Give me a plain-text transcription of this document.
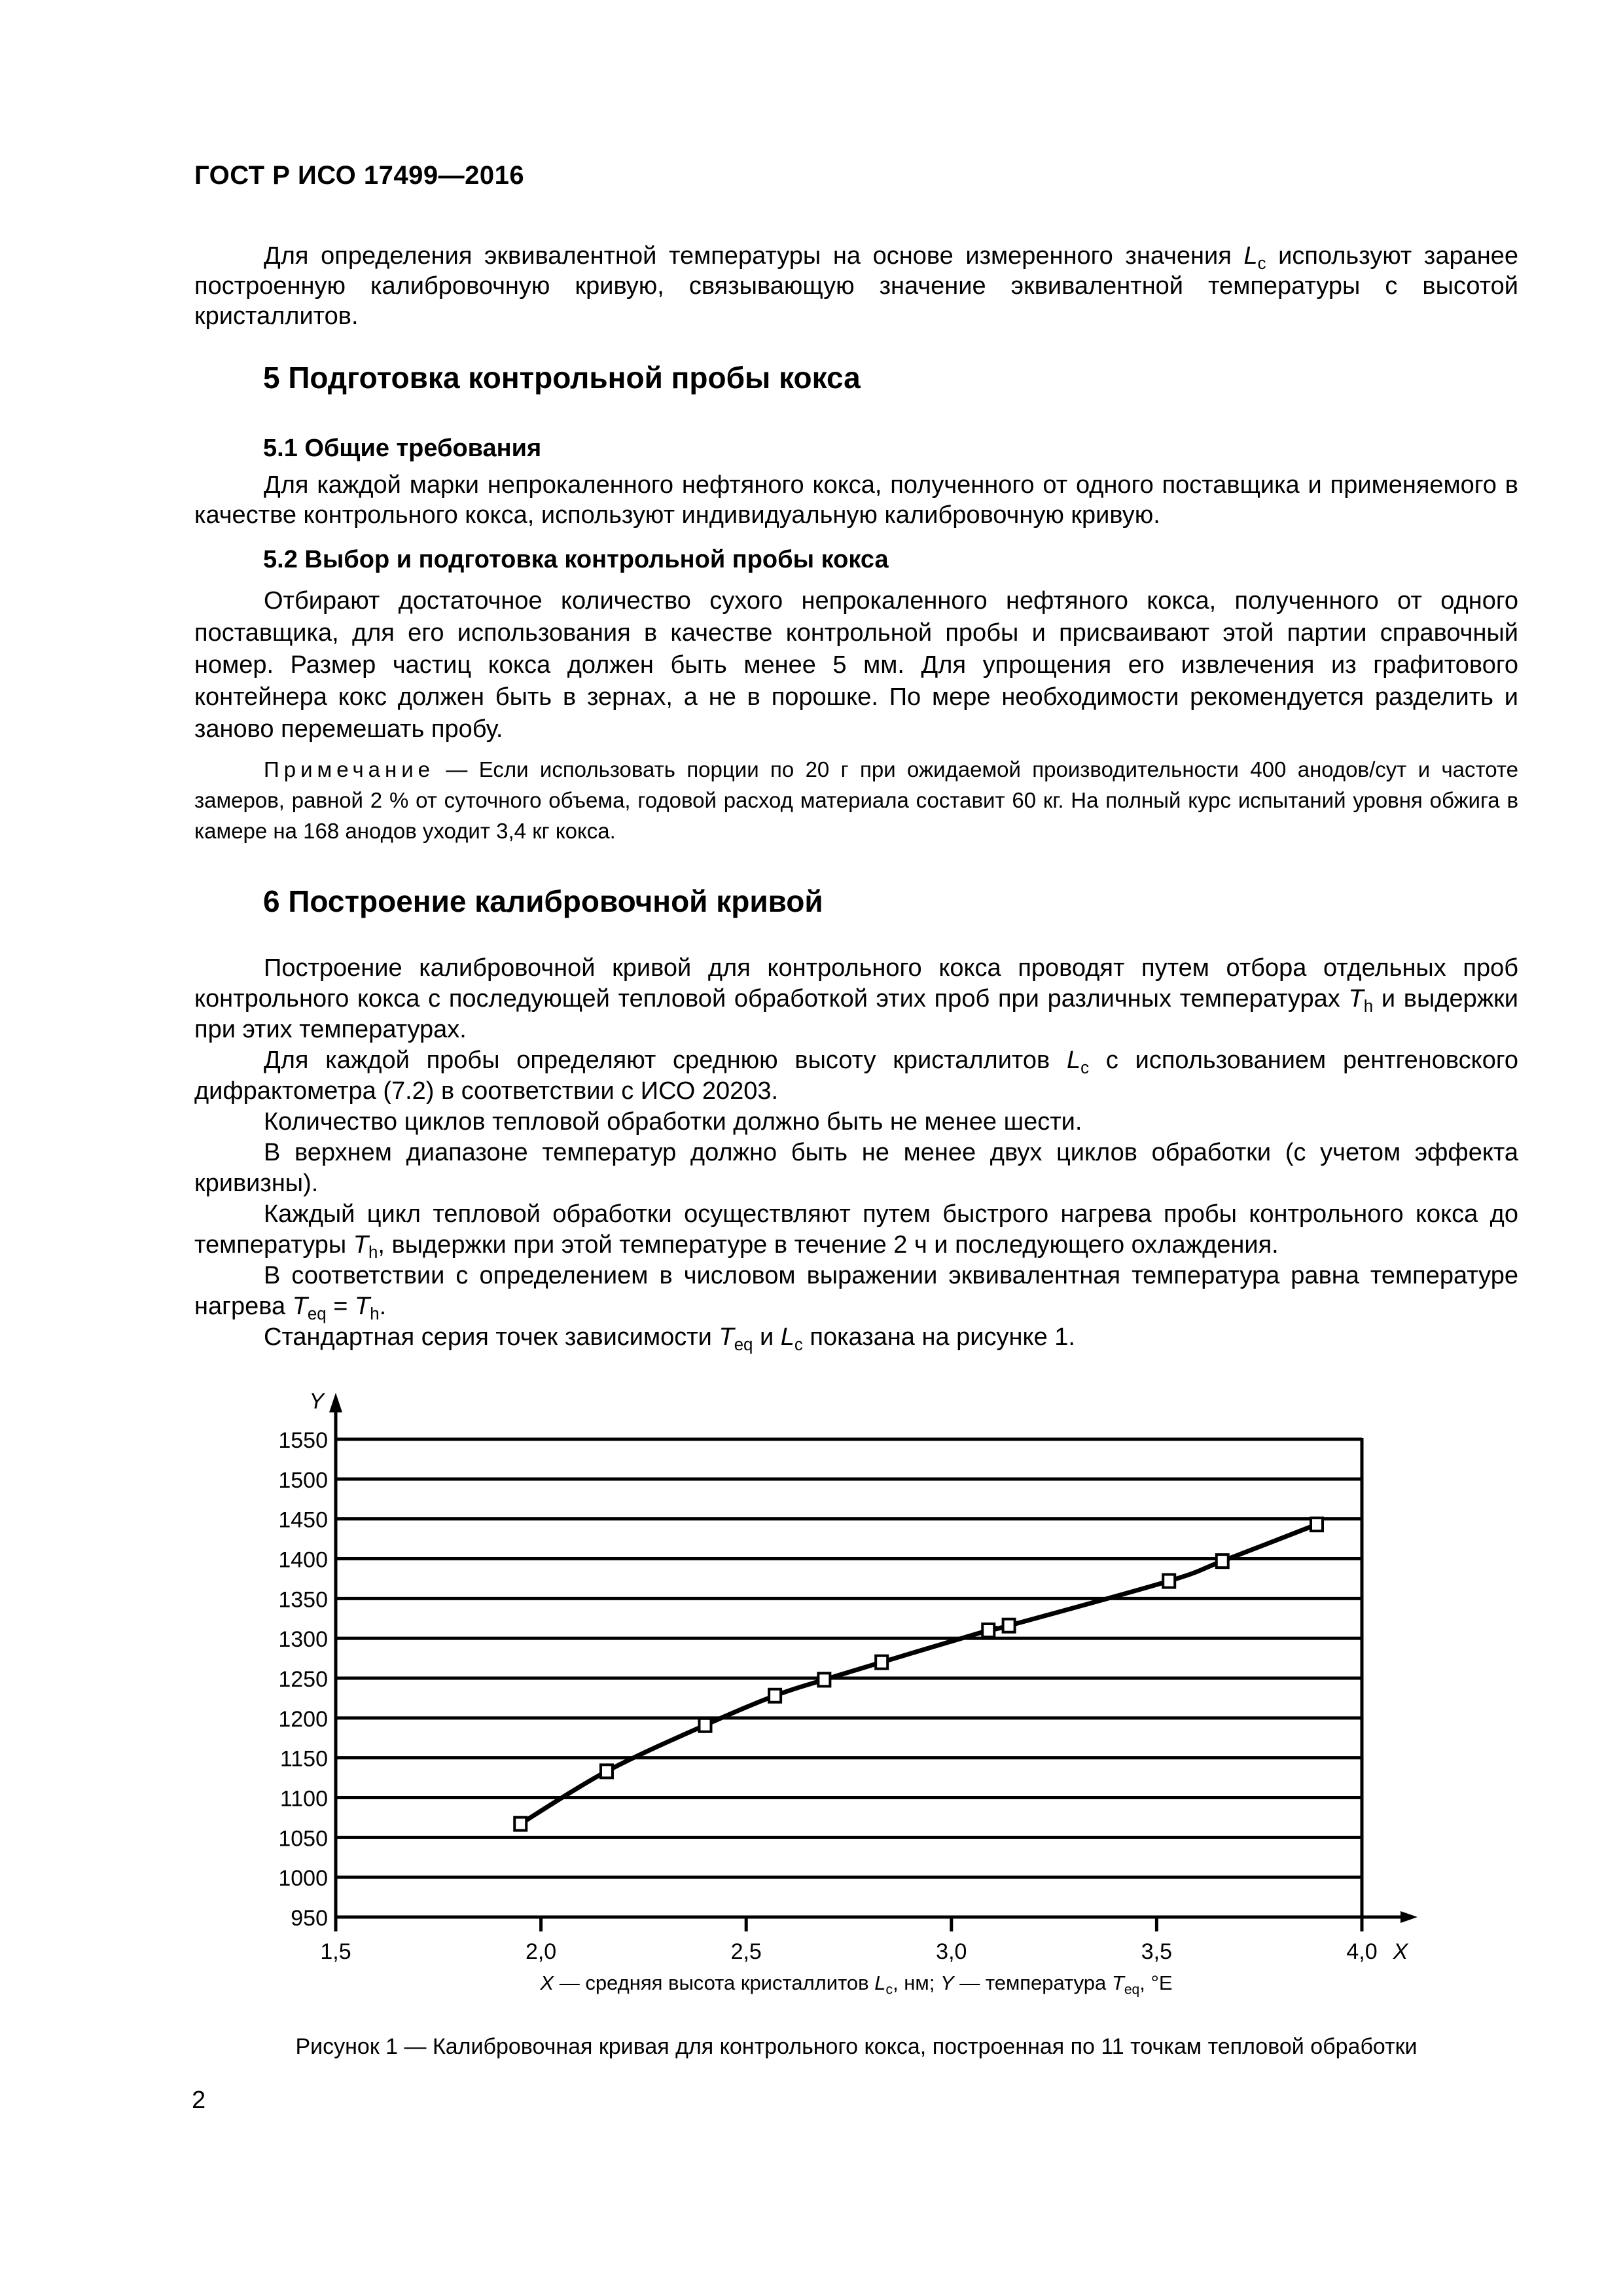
ГОСТ Р ИСО 17499—2016

Для определения эквивалентной температуры на основе измеренного значения $L_c$ используют заранее построенную калибровочную кривую, связывающую значение эквивалентной температуры с высотой кристаллитов.

5 Подготовка контрольной пробы кокса
5.1 Общие требования

Для каждой марки непрокаленного нефтяного кокса, полученного от одного поставщика и применяемого в качестве контрольного кокса, используют индивидуальную калибровочную кривую.

5.2 Выбор и подготовка контрольной пробы кокса

Отбирают достаточное количество сухого непрокаленного нефтяного кокса, полученного от одного поставщика, для его использования в качестве контрольной пробы и присваивают этой партии справочный номер. Размер частиц кокса должен быть менее 5 мм. Для упрощения его извлечения из графитового контейнера кокс должен быть в зернах, а не в порошке. По мере необходимости рекомендуется разделить и заново перемешать пробу.

Примечание — Если использовать порции по 20 г при ожидаемой производительности 400 анодов/сут и частоте замеров, равной 2 % от суточного объема, годовой расход материала составит 60 кг. На полный курс испытаний уровня обжига в камере на 168 анодов уходит 3,4 кг кокса.

6 Построение калибровочной кривой

Построение калибровочной кривой для контрольного кокса проводят путем отбора отдельных проб контрольного кокса с последующей тепловой обработкой этих проб при различных температурах $T_h$ и выдержки при этих температурах.

Для каждой пробы определяют среднюю высоту кристаллитов $L_c$ с использованием рентгеновского дифрактометра (7.2) в соответствии с ИСО 20203.

Количество циклов тепловой обработки должно быть не менее шести.

В верхнем диапазоне температур должно быть не менее двух циклов обработки (с учетом эффекта кривизны).

Каждый цикл тепловой обработки осуществляют путем быстрого нагрева пробы контрольного кокса до температуры $T_h$, выдержки при этой температуре в течение 2 ч и последующего охлаждения.

В соответствии с определением в числовом выражении эквивалентная температура равна температуре нагрева $T_{eq} = T_h$.

Стандартная серия точек зависимости $T_{eq}$ и $L_c$ показана на рисунке 1.

950
1000
1050
1100
1150
1200
1250
1300
1350
1400
1450
1500
1550
Y
1,5	2,0	2,5	3,0	3,5	4,0 X
X — средняя высота кристаллитов $L_c$, нм; Y — температура $T_{eq}$, °E
Рисунок 1 — Калибровочная кривая для контрольного кокса, построенная по 11 точкам тепловой обработки
2
